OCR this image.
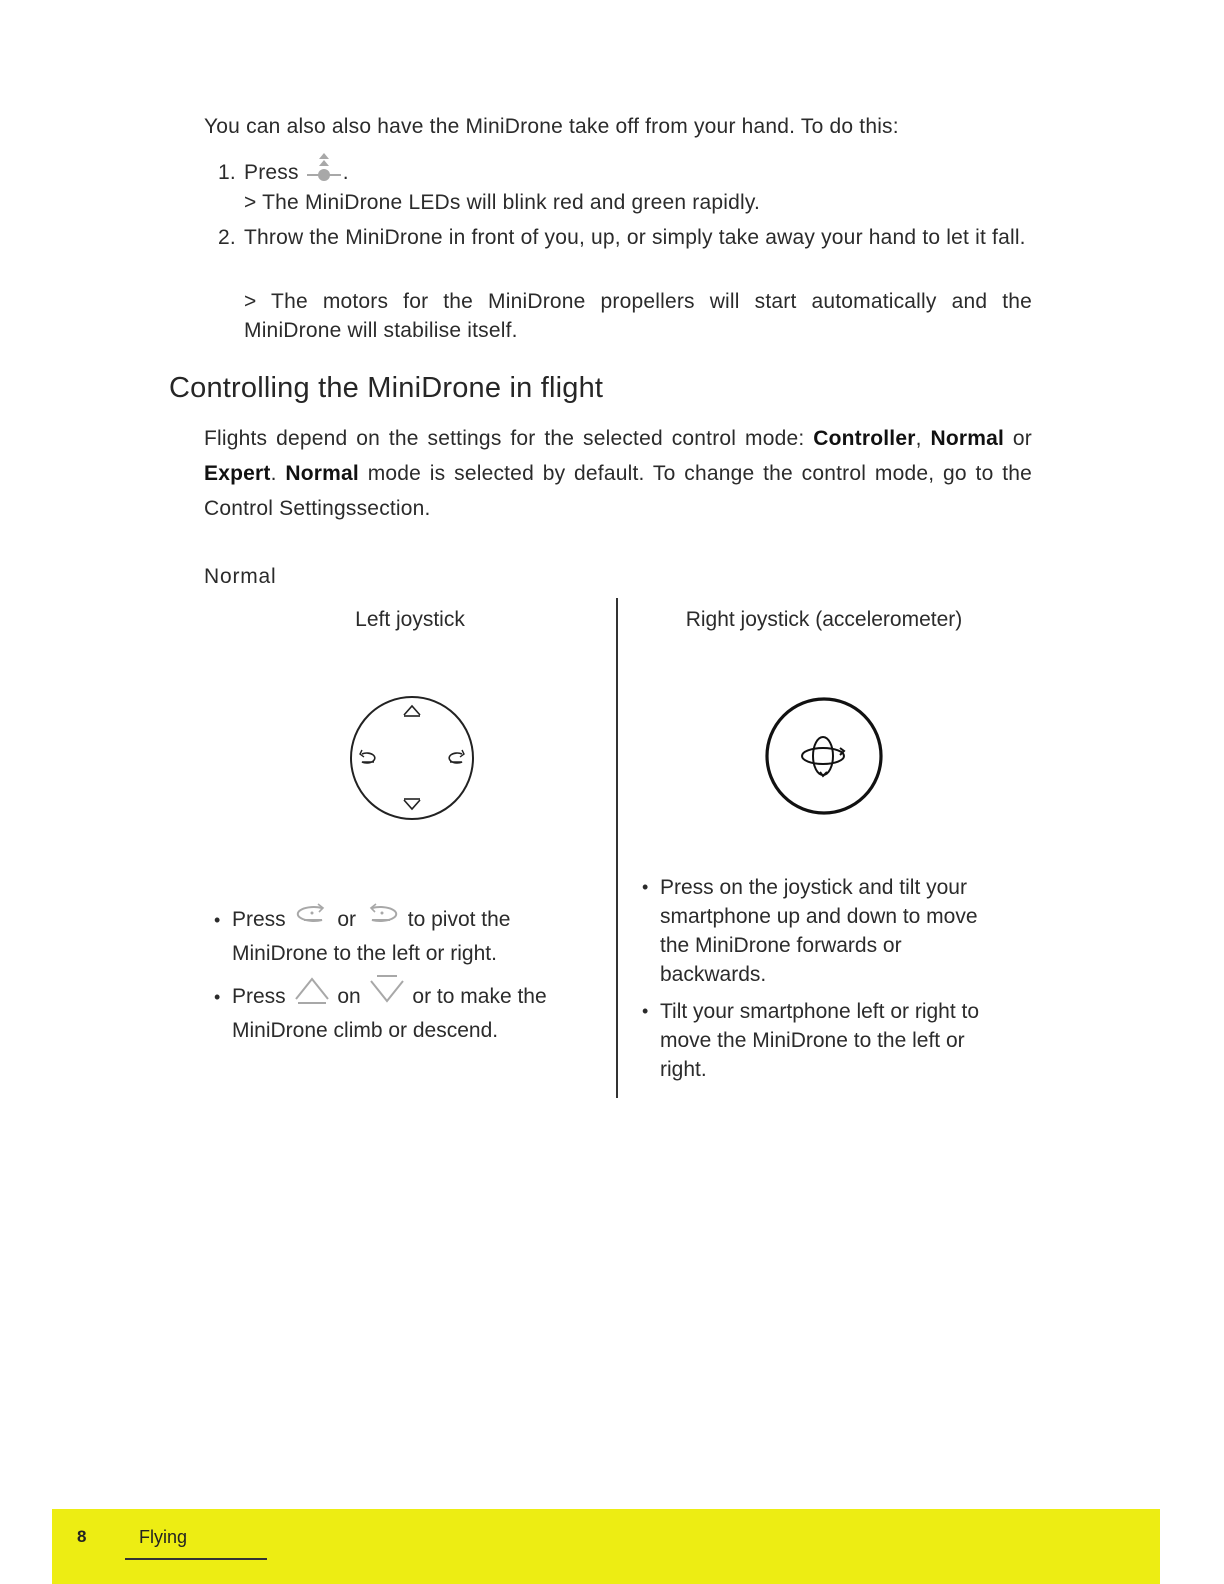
You can also also have the MiniDrone take off from your hand. To do this:

1. Press .

> The MiniDrone LEDs will blink red and green rapidly.

2. Throw the MiniDrone in front of you, up, or simply take away your hand to let it fall.

> The motors for the MiniDrone propellers will start automatically and the MiniDrone will stabilise itself.

Controlling the MiniDrone in flight

Flights depend on the settings for the selected control mode: Controller, Normal or Expert. Normal mode is selected by default. To change the control mode, go to the Control Settingssection.

Normal

Left joystick	Right joystick (accelerometer)
• Press or to pivot the MiniDrone to the left or right.
• Press on or to make the MiniDrone climb or descend.
• Press on the joystick and tilt your smartphone up and down to move the MiniDrone forwards or backwards.
• Tilt your smartphone left or right to move the MiniDrone to the left or right.
8	Flying
